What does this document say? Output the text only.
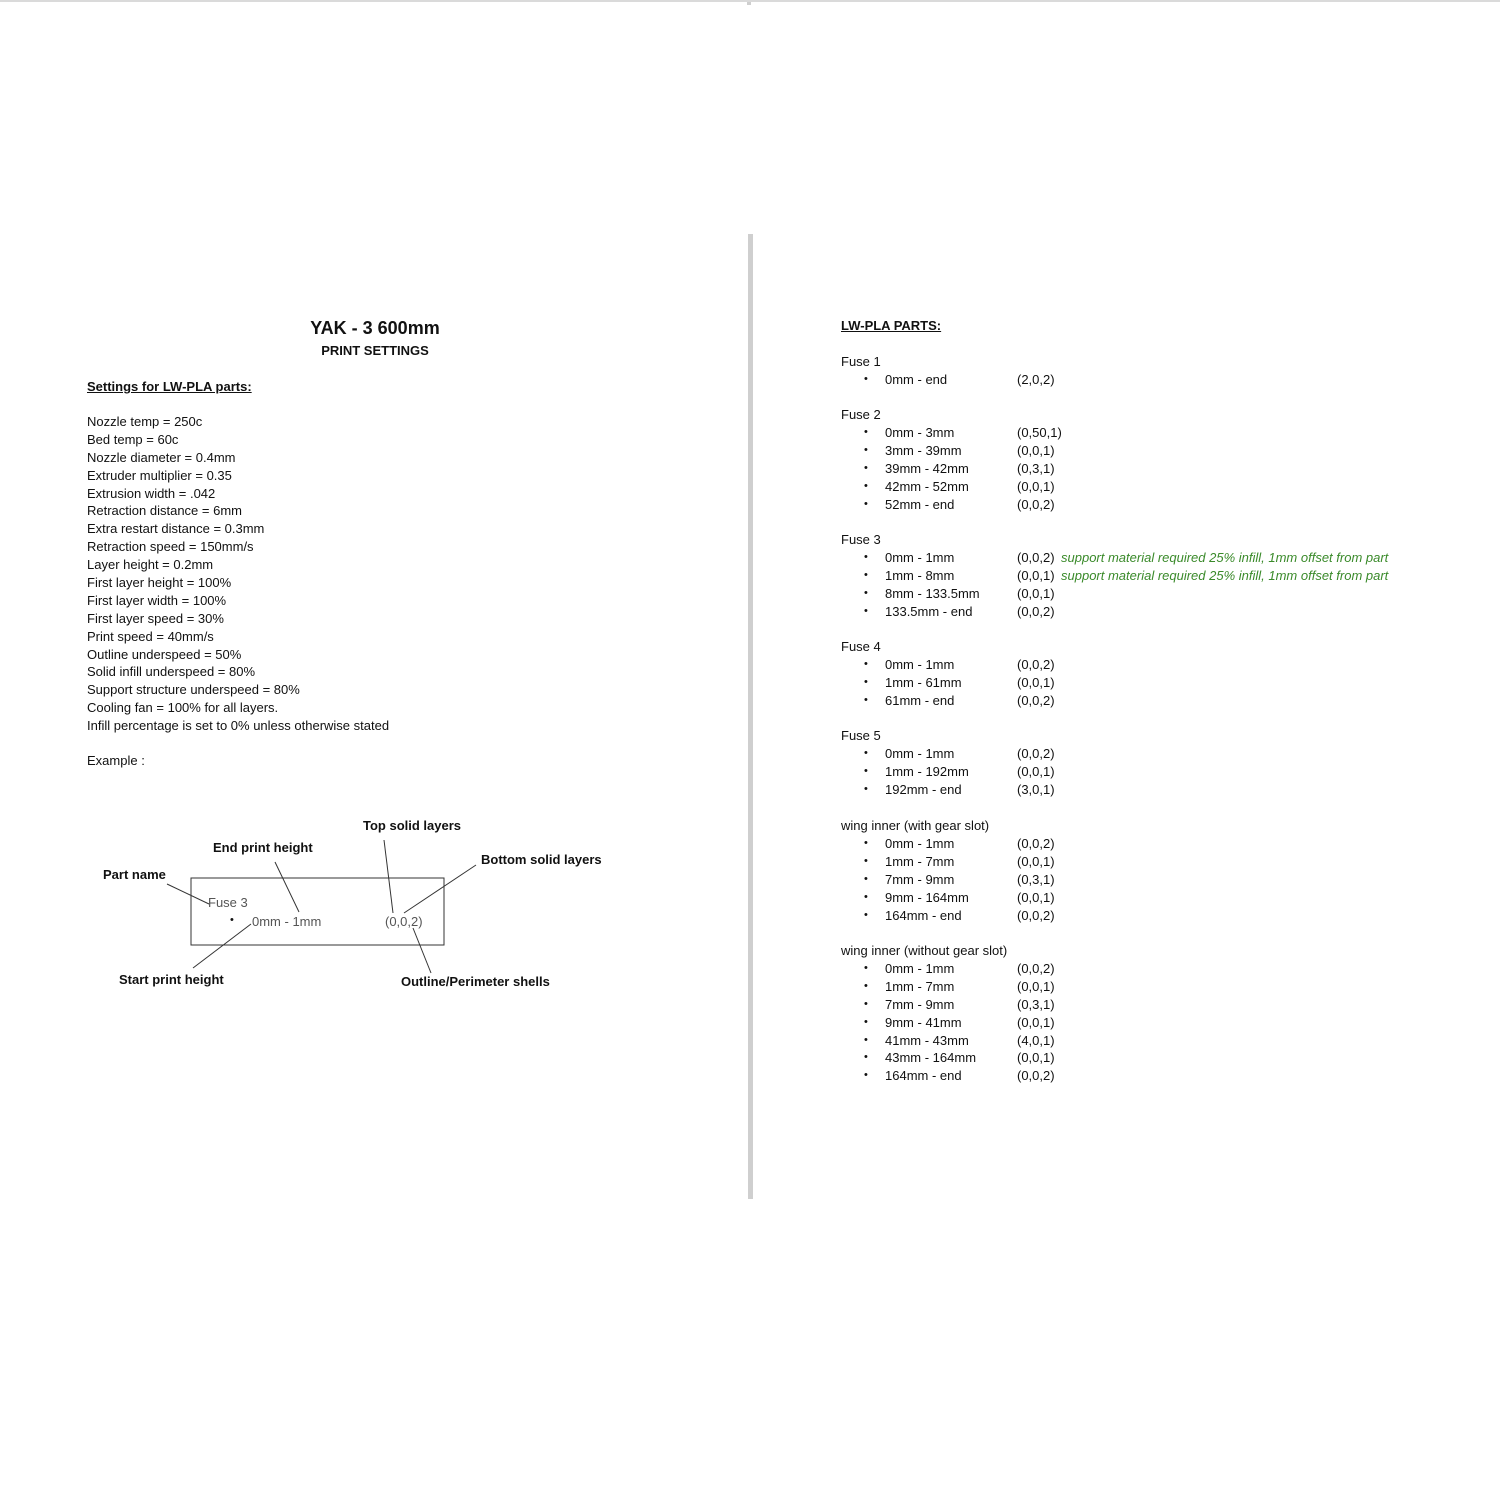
YAK - 3 600mm
PRINT SETTINGS
Settings for LW-PLA parts:
Nozzle temp = 250c
Bed temp = 60c
Nozzle diameter = 0.4mm
Extruder multiplier = 0.35
Extrusion width = .042
Retraction distance = 6mm
Extra restart distance = 0.3mm
Retraction speed = 150mm/s
Layer height = 0.2mm
First layer height = 100%
First layer width = 100%
First layer speed = 30%
Print speed = 40mm/s
Outline underspeed = 50%
Solid infill underspeed = 80%
Support structure underspeed = 80%
Cooling fan = 100% for all layers.
Infill percentage is set to 0% unless otherwise stated
Example :
Top solid layers
End print height
Bottom solid layers
Part name
Start print height	Outline/Perimeter shells
Fuse 3
• 0mm - 1mm	(0,0,2)
LW-PLA PARTS:
Fuse 1
• 0mm - end	(2,0,2)
Fuse 2
• 0mm - 3mm	(0,50,1)
• 3mm - 39mm	(0,0,1)
• 39mm - 42mm	(0,3,1)
• 42mm - 52mm	(0,0,1)
• 52mm - end	(0,0,2)
Fuse 3
• 0mm - 1mm	(0,0,2) support material required 25% infill, 1mm offset from part
• 1mm - 8mm	(0,0,1) support material required 25% infill, 1mm offset from part
• 8mm - 133.5mm	(0,0,1)
• 133.5mm - end	(0,0,2)
Fuse 4
• 0mm - 1mm	(0,0,2)
• 1mm - 61mm	(0,0,1)
• 61mm - end	(0,0,2)
Fuse 5
• 0mm - 1mm	(0,0,2)
• 1mm - 192mm	(0,0,1)
• 192mm - end	(3,0,1)
wing inner (with gear slot)
• 0mm - 1mm	(0,0,2)
• 1mm - 7mm	(0,0,1)
• 7mm - 9mm	(0,3,1)
• 9mm - 164mm	(0,0,1)
• 164mm - end	(0,0,2)
wing inner (without gear slot)
• 0mm - 1mm	(0,0,2)
• 1mm - 7mm	(0,0,1)
• 7mm - 9mm	(0,3,1)
• 9mm - 41mm	(0,0,1)
• 41mm - 43mm	(4,0,1)
• 43mm - 164mm	(0,0,1)
• 164mm - end	(0,0,2)
